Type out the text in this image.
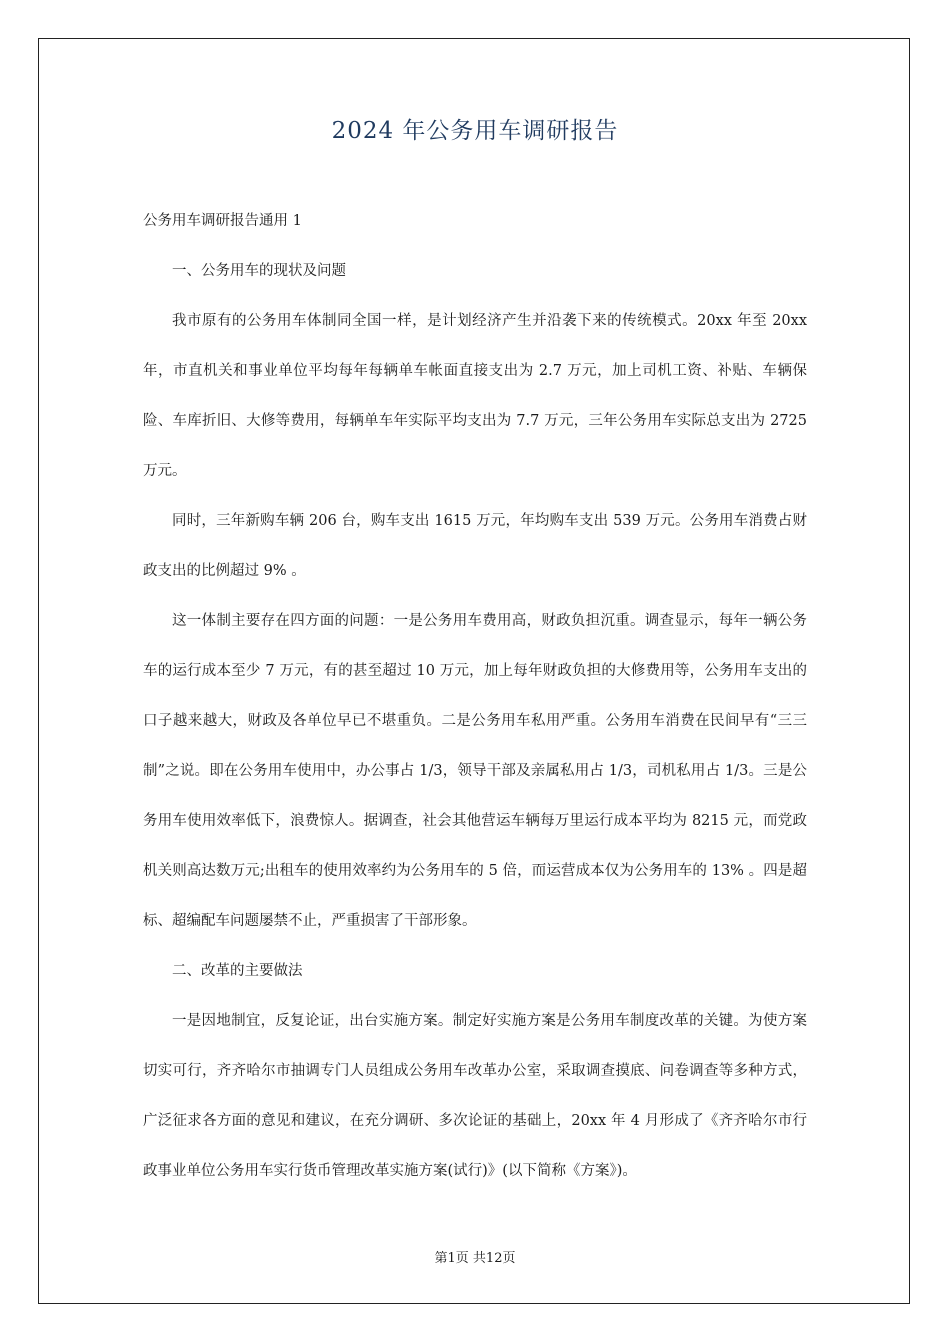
2024 年公务用车调研报告

公务用车调研报告通用 1

一、公务用车的现状及问题

我市原有的公务用车体制同全国一样，是计划经济产生并沿袭下来的传统模式。20xx 年至 20xx 年，市直机关和事业单位平均每年每辆单车帐面直接支出为 2.7 万元，加上司机工资、补贴、车辆保险、车库折旧、大修等费用，每辆单车年实际平均支出为 7.7 万元，三年公务用车实际总支出为 2725 万元。

同时，三年新购车辆 206 台，购车支出 1615 万元，年均购车支出 539 万元。公务用车消费占财政支出的比例超过 9% 。

这一体制主要存在四方面的问题：一是公务用车费用高，财政负担沉重。调查显示，每年一辆公务车的运行成本至少 7 万元，有的甚至超过 10 万元，加上每年财政负担的大修费用等，公务用车支出的口子越来越大，财政及各单位早已不堪重负。二是公务用车私用严重。公务用车消费在民间早有“三三制”之说。即在公务用车使用中，办公事占 1/3，领导干部及亲属私用占 1/3，司机私用占 1/3。三是公务用车使用效率低下，浪费惊人。据调查，社会其他营运车辆每万里运行成本平均为 8215 元，而党政机关则高达数万元;出租车的使用效率约为公务用车的 5 倍，而运营成本仅为公务用车的 13% 。四是超标、超编配车问题屡禁不止，严重损害了干部形象。

二、改革的主要做法

一是因地制宜，反复论证，出台实施方案。制定好实施方案是公务用车制度改革的关键。为使方案切实可行，齐齐哈尔市抽调专门人员组成公务用车改革办公室，采取调查摸底、问卷调查等多种方式，广泛征求各方面的意见和建议，在充分调研、多次论证的基础上，20xx 年 4 月形成了《齐齐哈尔市行政事业单位公务用车实行货币管理改革实施方案(试行)》(以下简称《方案》)。

第1页 共12页
